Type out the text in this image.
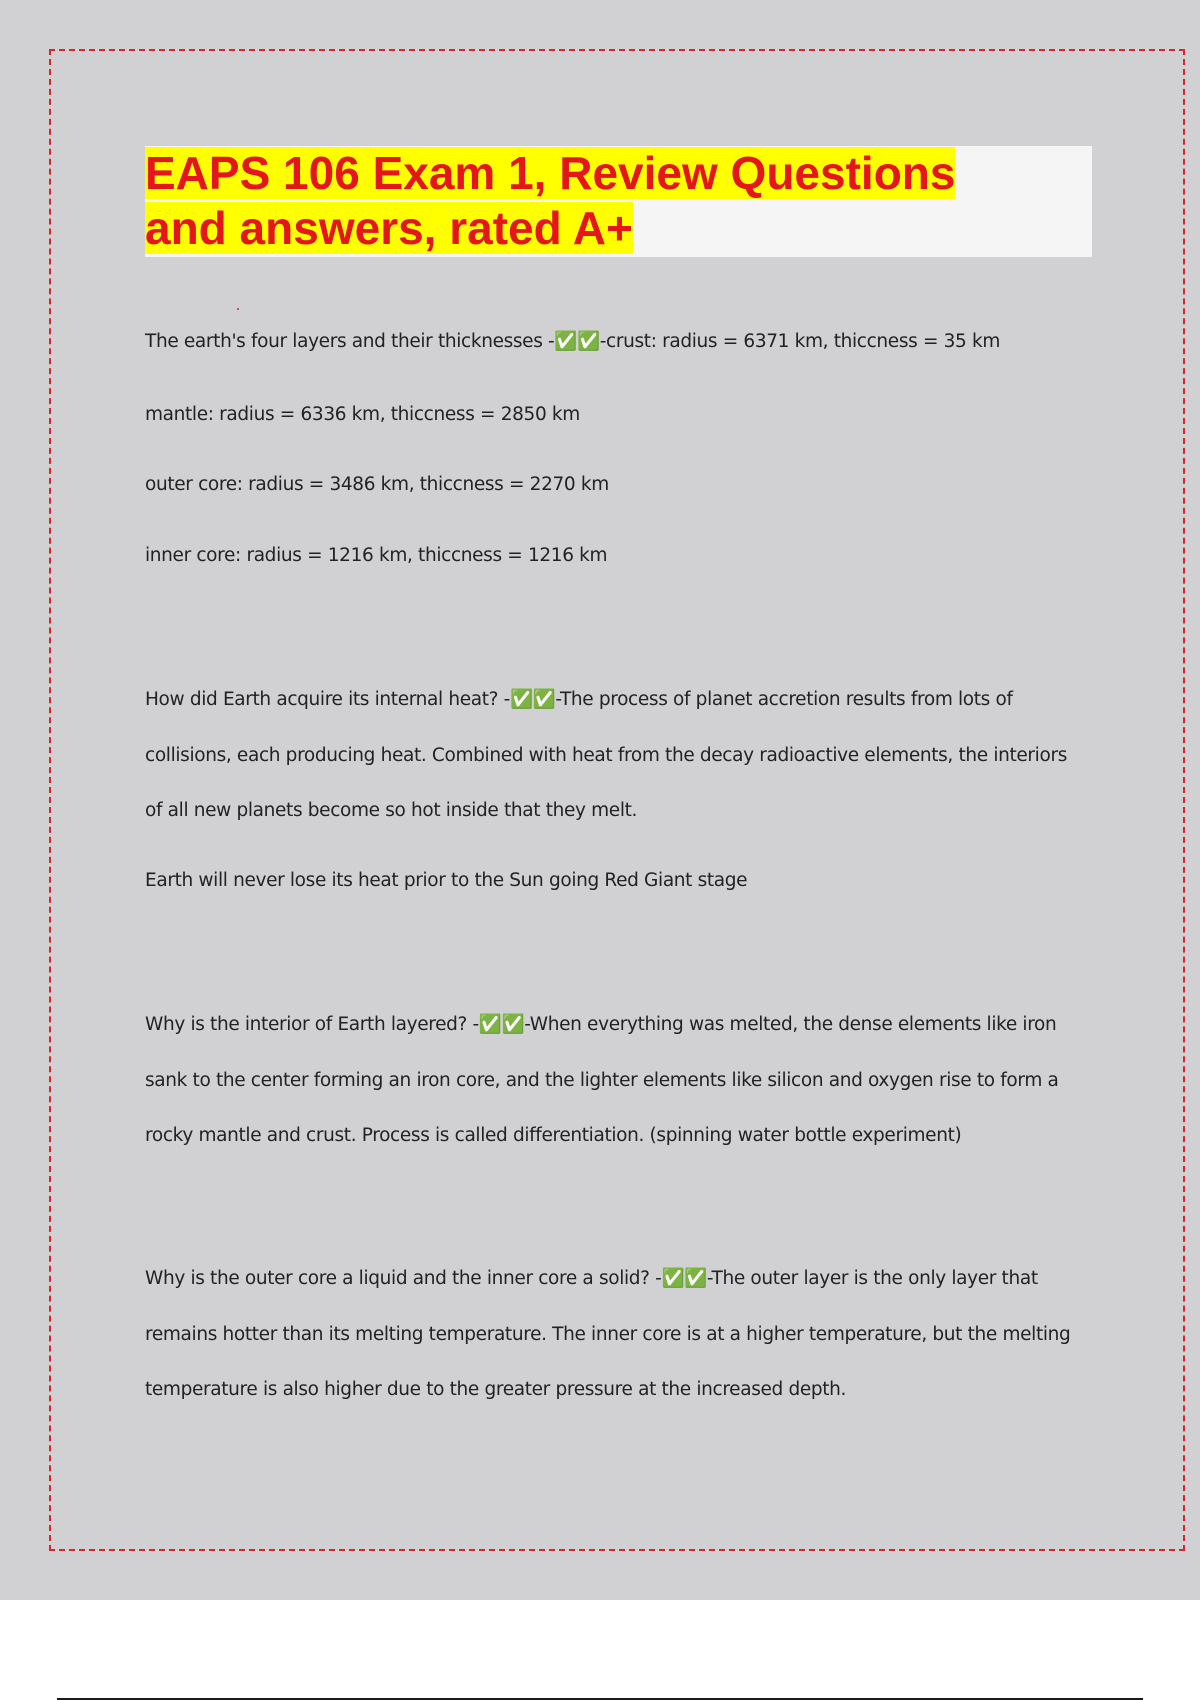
EAPS 106 Exam 1, Review Questions
and answers, rated A+

The earth's four layers and their thicknesses -✅✅-crust: radius = 6371 km, thiccness = 35 km

mantle: radius = 6336 km, thiccness = 2850 km

outer core: radius = 3486 km, thiccness = 2270 km

inner core: radius = 1216 km, thiccness = 1216 km

How did Earth acquire its internal heat? -✅✅-The process of planet accretion results from lots of

collisions, each producing heat. Combined with heat from the decay radioactive elements, the interiors

of all new planets become so hot inside that they melt.

Earth will never lose its heat prior to the Sun going Red Giant stage

Why is the interior of Earth layered? -✅✅-When everything was melted, the dense elements like iron

sank to the center forming an iron core, and the lighter elements like silicon and oxygen rise to form a

rocky mantle and crust. Process is called differentiation. (spinning water bottle experiment)

Why is the outer core a liquid and the inner core a solid? -✅✅-The outer layer is the only layer that

remains hotter than its melting temperature. The inner core is at a higher temperature, but the melting

temperature is also higher due to the greater pressure at the increased depth.
